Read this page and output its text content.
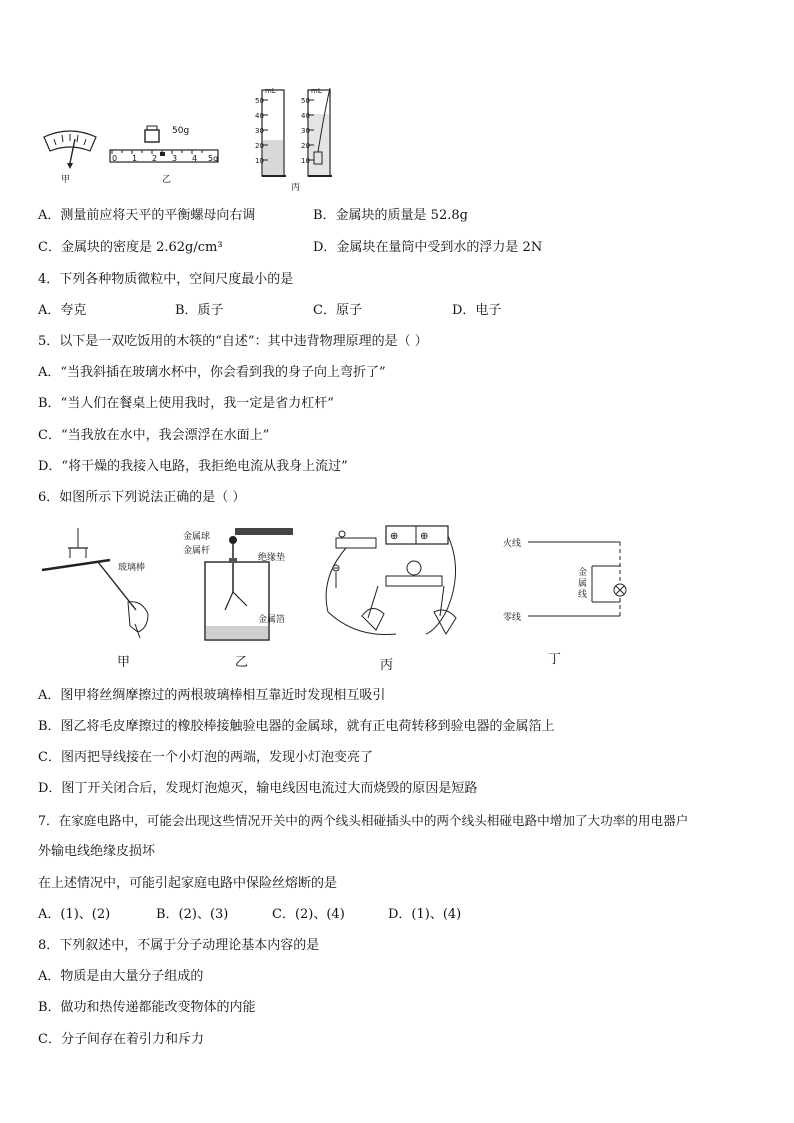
甲
50g
0 1 2 3 4 5g
乙
mL
50
40
30
20
10
mL
50
40
30
20
10
丙
A．测量前应将天平的平衡螺母向右调	B．金属块的质量是 52.8g
C．金属块的密度是 2.62g/cm³	D．金属块在量筒中受到水的浮力是 2N
4．下列各种物质微粒中，空间尺度最小的是
A．夸克	B．质子	C．原子	D．电子
5．以下是一双吃饭用的木筷的“自述”：其中违背物理原理的是（ ）
A．“当我斜插在玻璃水杯中，你会看到我的身子向上弯折了”
B．“当人们在餐桌上使用我时，我一定是省力杠杆”
C．“当我放在水中，我会漂浮在水面上”
D．“将干燥的我接入电路，我拒绝电流从我身上流过”
6．如图所示下列说法正确的是（ ）
玻璃棒
甲
金属球
金属杆
绝缘垫
金属箔
乙
⊕ ⊕
丙
火线
零线
金属线
丁
A．图甲将丝绸摩擦过的两根玻璃棒相互靠近时发现相互吸引
B．图乙将毛皮摩擦过的橡胶棒接触验电器的金属球，就有正电荷转移到验电器的金属箔上
C．图丙把导线接在一个小灯泡的两端，发现小灯泡变亮了
D．图丁开关闭合后，发现灯泡熄灭，输电线因电流过大而烧毁的原因是短路
7．在家庭电路中，可能会出现这些情况开关中的两个线头相碰插头中的两个线头相碰电路中增加了大功率的用电器户
外输电线绝缘皮损坏
在上述情况中，可能引起家庭电路中保险丝熔断的是
A．(1)、(2)	B．(2)、(3)	C．(2)、(4)	D．(1)、(4)
8．下列叙述中，不属于分子动理论基本内容的是
A．物质是由大量分子组成的
B．做功和热传递都能改变物体的内能
C．分子间存在着引力和斥力
